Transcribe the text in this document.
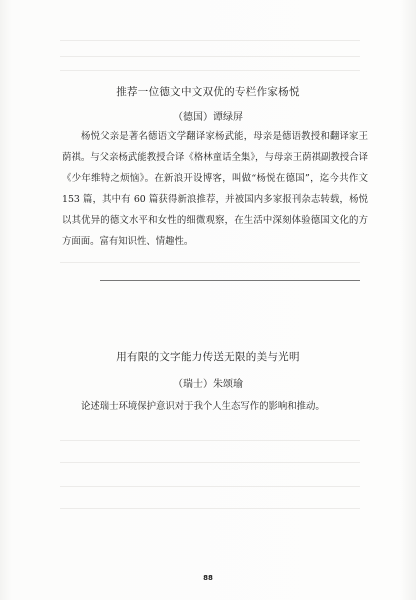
推荐一位德文中文双优的专栏作家杨悦
（德国）谭绿屏
杨悦父亲是著名德语文学翻译家杨武能，母亲是德语教授和翻译家王荫祺。与父亲杨武能教授合译《格林童话全集》，与母亲王荫祺副教授合译《少年维特之烦恼》。在新浪开设博客，叫做“杨悦在德国”，迄今共作文 153 篇，其中有 60 篇获得新浪推荐，并被国内多家报刊杂志转载，杨悦以其优异的德文水平和女性的细微观察，在生活中深刻体验德国文化的方方面面。富有知识性、情趣性。
用有限的文字能力传送无限的美与光明
（瑞士）朱颂瑜
论述瑞士环境保护意识对于我个人生态写作的影响和推动。
88
